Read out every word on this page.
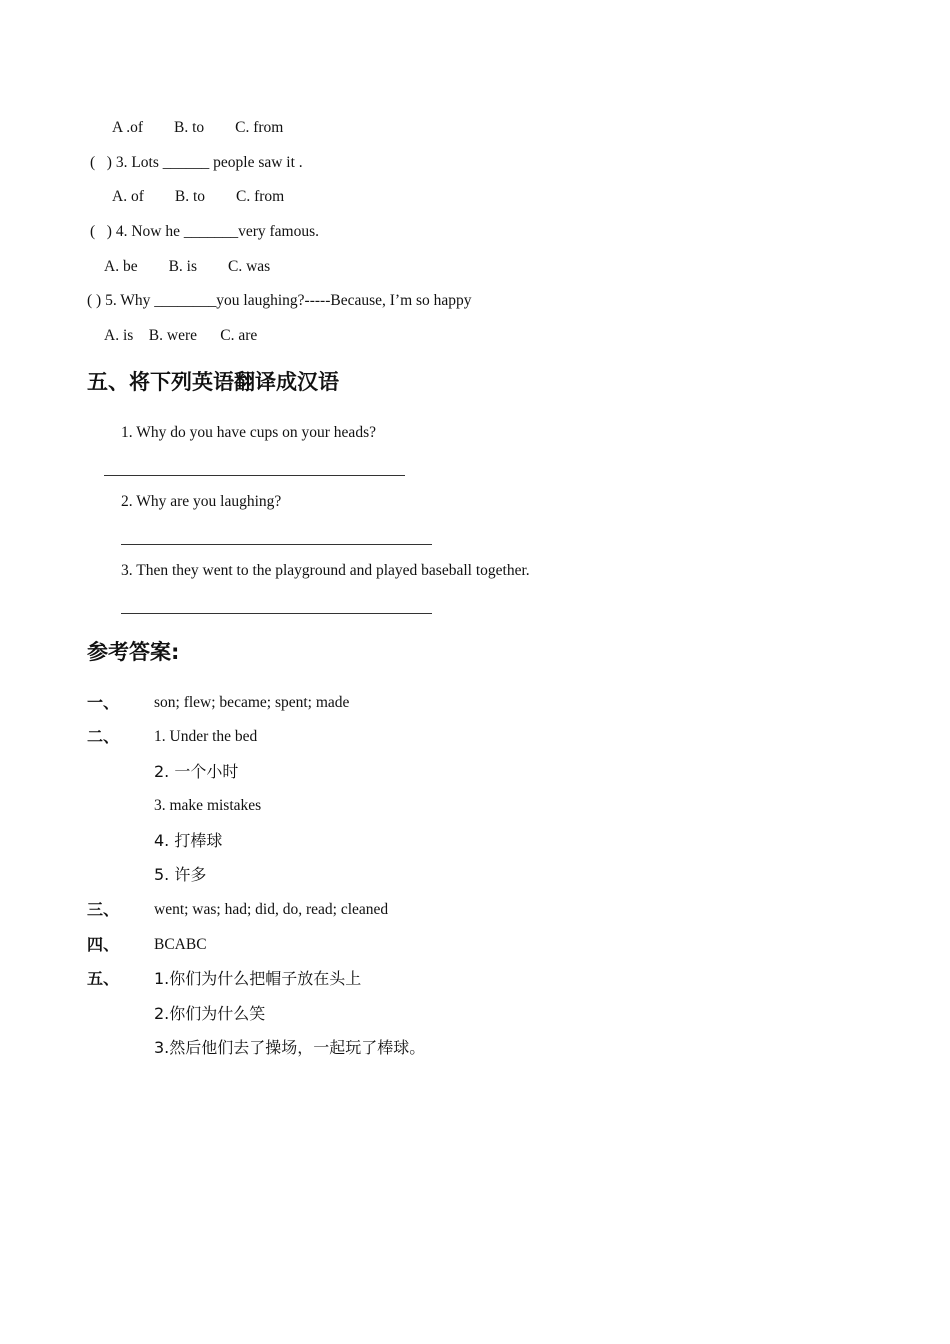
A .of        B. to        C. from
(   ) 3. Lots ______ people saw it .
A. of        B. to        C. from
(   ) 4. Now he _______very famous.
A. be        B. is        C. was
( ) 5. Why ________you laughing?-----Because, I’m so happy
A. is    B. were      C. are
五、将下列英语翻译成汉语
1. Why do you have cups on your heads?
2. Why are you laughing?
3. Then they went to the playground and played baseball together.
参考答案:
一、 son; flew; became; spent; made
二、 1. Under the bed
2. 一个小时
3. make mistakes
4. 打棒球
5. 许多
三、 went; was; had; did, do, read; cleaned
四、 BCABC
五、 1.你们为什么把帽子放在头上
2.你们为什么笑
3.然后他们去了操场，一起玩了棒球。
